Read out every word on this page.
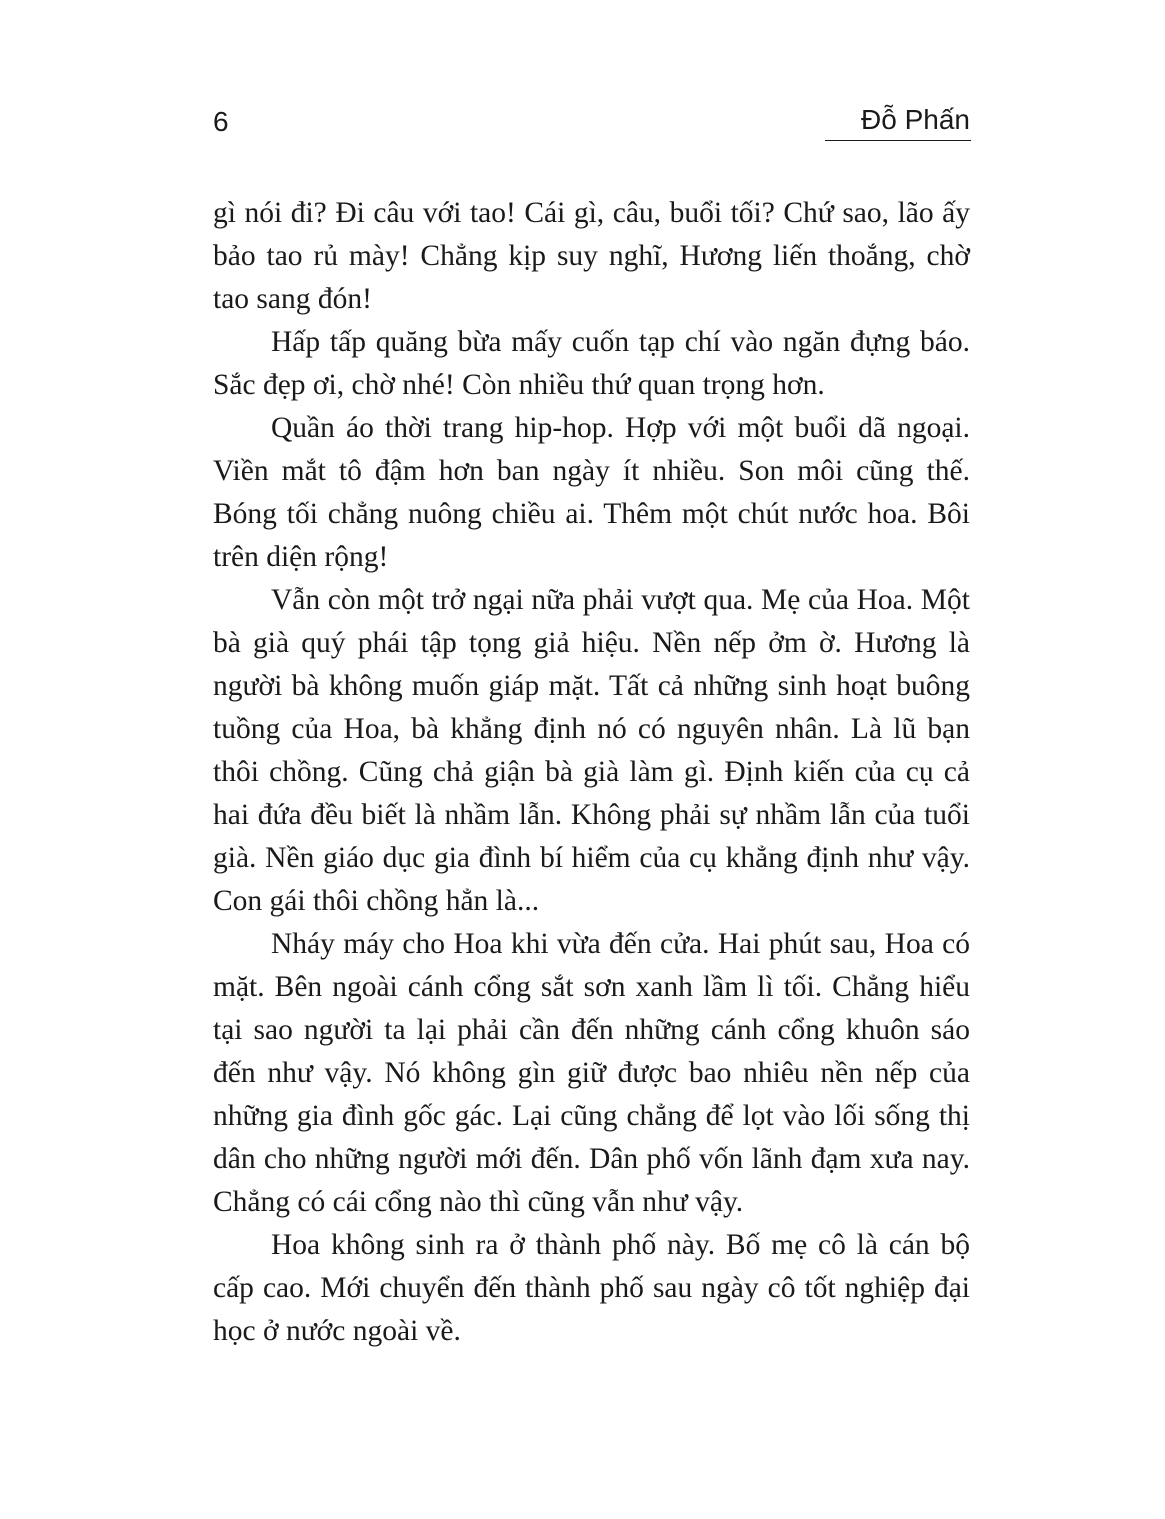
6	Đỗ Phấn

gì nói đi? Đi câu với tao! Cái gì, câu, buổi tối? Chứ sao, lão ấy bảo tao rủ mày! Chẳng kịp suy nghĩ, Hương liến thoắng, chờ tao sang đón!

Hấp tấp quăng bừa mấy cuốn tạp chí vào ngăn đựng báo. Sắc đẹp ơi, chờ nhé! Còn nhiều thứ quan trọng hơn.

Quần áo thời trang hip-hop. Hợp với một buổi dã ngoại. Viền mắt tô đậm hơn ban ngày ít nhiều. Son môi cũng thế. Bóng tối chẳng nuông chiều ai. Thêm một chút nước hoa. Bôi trên diện rộng!

Vẫn còn một trở ngại nữa phải vượt qua. Mẹ của Hoa. Một bà già quý phái tập tọng giả hiệu. Nền nếp ởm ờ. Hương là người bà không muốn giáp mặt. Tất cả những sinh hoạt buông tuồng của Hoa, bà khẳng định nó có nguyên nhân. Là lũ bạn thôi chồng. Cũng chả giận bà già làm gì. Định kiến của cụ cả hai đứa đều biết là nhầm lẫn. Không phải sự nhầm lẫn của tuổi già. Nền giáo dục gia đình bí hiểm của cụ khẳng định như vậy. Con gái thôi chồng hẳn là...

Nháy máy cho Hoa khi vừa đến cửa. Hai phút sau, Hoa có mặt. Bên ngoài cánh cổng sắt sơn xanh lầm lì tối. Chẳng hiểu tại sao người ta lại phải cần đến những cánh cổng khuôn sáo đến như vậy. Nó không gìn giữ được bao nhiêu nền nếp của những gia đình gốc gác. Lại cũng chẳng để lọt vào lối sống thị dân cho những người mới đến. Dân phố vốn lãnh đạm xưa nay. Chẳng có cái cổng nào thì cũng vẫn như vậy.

Hoa không sinh ra ở thành phố này. Bố mẹ cô là cán bộ cấp cao. Mới chuyển đến thành phố sau ngày cô tốt nghiệp đại học ở nước ngoài về.
